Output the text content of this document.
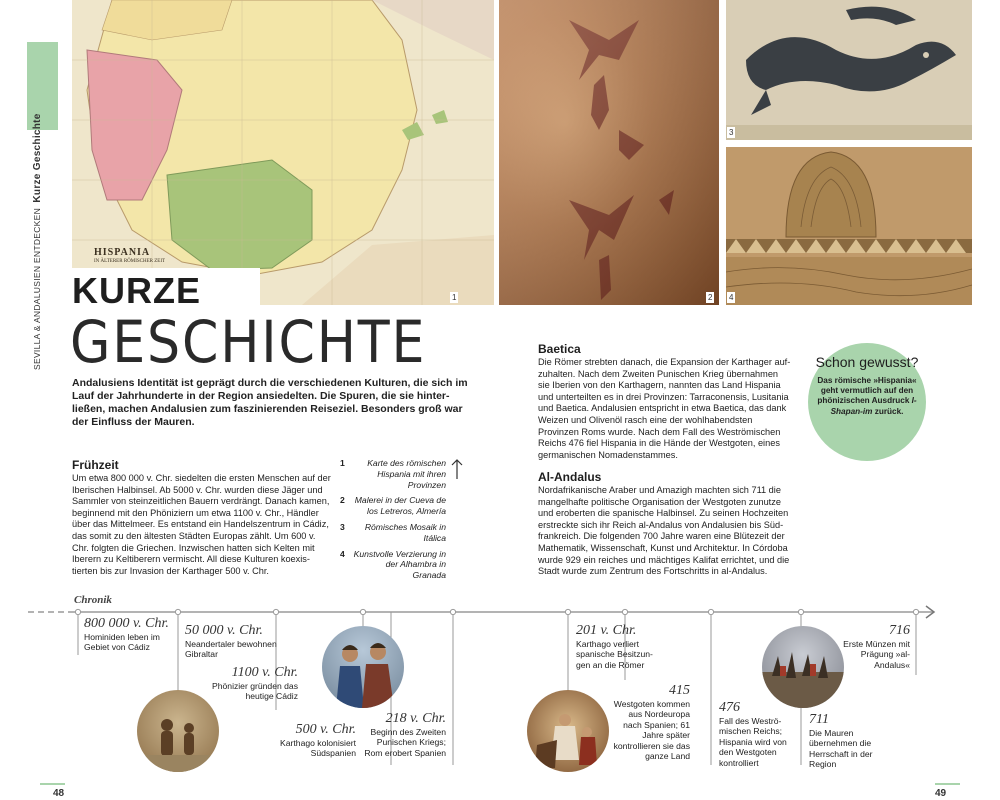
SEVILLA & ANDALUSIEN ENTDECKEN  Kurze Geschichte
HISPANIA
IN ÄLTERER RÖMISCHER ZEIT
1	2
3
4
KURZE
GESCHICHTE
Andalusiens Identität ist geprägt durch die verschiedenen Kulturen, die sich im Lauf der Jahrhunderte in der Region ansiedelten. Die Spuren, die sie hinterließen, machen Andalusien zum faszinierenden Reiseziel. Besonders groß war der Einfluss der Mauren.
Frühzeit
Um etwa 800 000 v. Chr. siedelten die ersten Menschen auf der Iberischen Halbinsel. Ab 5000 v. Chr. wurden diese Jäger und Sammler von steinzeitlichen Bauern verdrängt. Danach kamen, beginnend mit den Phöniziern um etwa 1100 v. Chr., Händler über das Mittelmeer. Es entstand ein Handelszentrum in Cádiz, das somit zu den ältesten Städten Europas zählt. Um 600 v. Chr. folgten die Griechen. Inzwischen hatten sich Kelten mit Iberern zu Keltiberern vermischt. All diese Kulturen koexistierten bis zur Invasion der Karthager 500 v. Chr.
1	Karte des römischen Hispania mit ihren Provinzen
2	Malerei in der Cueva de los Letreros, Almería
3	Römisches Mosaik in Itálica
4	Kunstvolle Verzierung in der Alhambra in Granada
Baetica
Die Römer strebten danach, die Expansion der Karthager aufzuhalten. Nach dem Zweiten Punischen Krieg übernahmen sie Iberien von den Karthagern, nannten das Land Hispania und unterteilten es in drei Provinzen: Tarraconensis, Lusitania und Baetica. Andalusien entspricht in etwa Baetica, das dank Weizen und Olivenöl rasch eine der wohlhabendsten Provinzen Roms wurde. Nach dem Fall des Weströmischen Reichs 476 fiel Hispania in die Hände der Westgoten, eines germanischen Nomadenstammes.
Al-Andalus
Nordafrikanische Araber und Amazigh machten sich 711 die mangelhafte politische Organisation der Westgoten zunutze und eroberten die spanische Halbinsel. Zu seinen Hochzeiten erstreckte sich ihr Reich al-Andalus von Andalusien bis Südfrankreich. Die folgenden 700 Jahre waren eine Blütezeit der Mathematik, Wissenschaft, Kunst und Architektur. In Córdoba wurde 929 ein reiches und mächtiges Kalifat errichtet, und die Stadt wurde zum Zentrum des Fortschritts in al-Andalus.
Schon gewusst?
Das römische »Hispania« geht vermutlich auf den phönizischen Ausdruck I-Shapan-im zurück.
Chronik
800 000 v. Chr.
Hominiden leben im Gebiet von Cádiz
50 000 v. Chr.
Neandertaler bewohnen Gibraltar
1100 v. Chr.
Phönizier gründen das heutige Cádiz
500 v. Chr.
Karthago kolonisiert Südspanien
218 v. Chr.
Beginn des Zweiten Punischen Kriegs; Rom erobert Spanien
201 v. Chr.
Karthago verliert spanische Besitzungen an die Römer
415
Westgoten kommen aus Nordeuropa nach Spanien; 61 Jahre später kontrollieren sie das ganze Land
476
Fall des Weströmischen Reichs; Hispania wird von den Westgoten kontrolliert
711
Die Mauren übernehmen die Herrschaft in der Region
716
Erste Münzen mit Prägung »al-Andalus«
48	49
